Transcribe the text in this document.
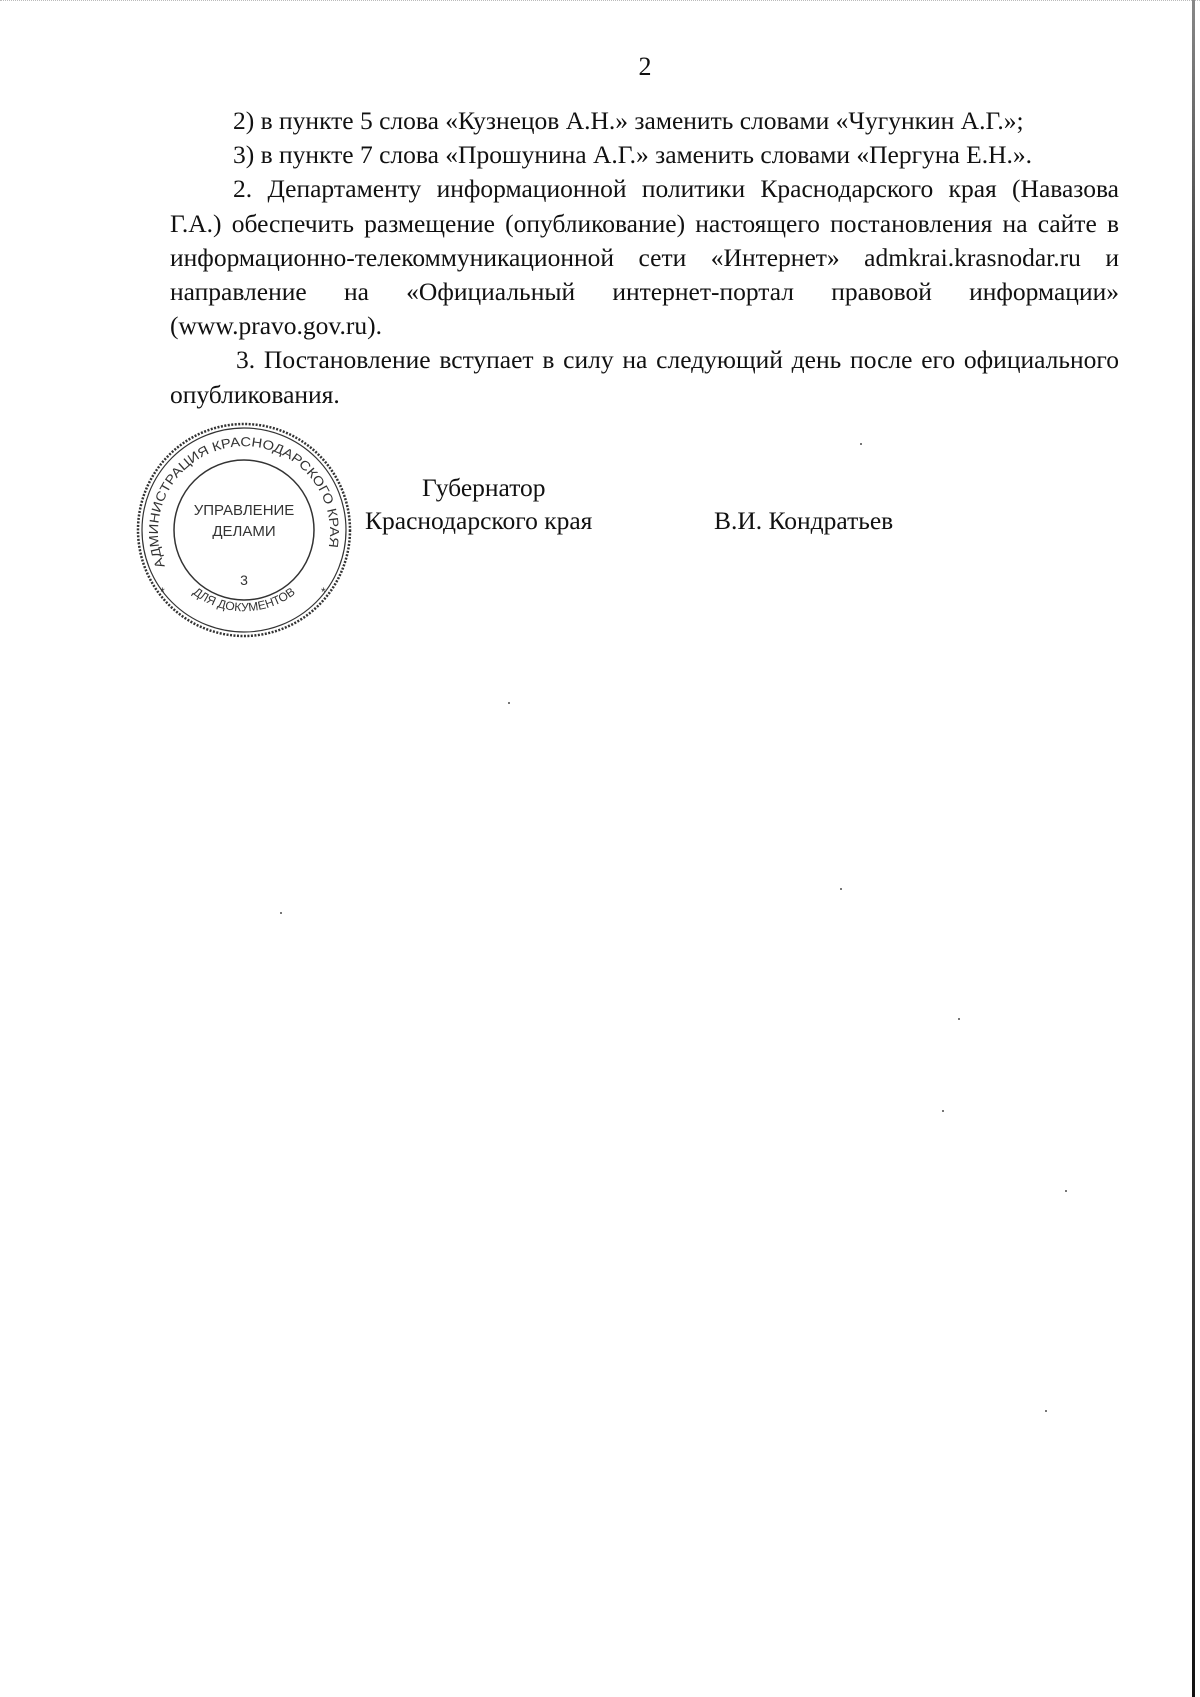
2

2) в пункте 5 слова «Кузнецов А.Н.» заменить словами «Чугункин А.Г.»;

3) в пункте 7 слова «Прошунина А.Г.» заменить словами «Пергуна Е.Н.».

2. Департаменту информационной политики Краснодарского края (Навазова Г.А.) обеспечить размещение (опубликование) настоящего постановления на сайте в информационно-телекоммуникационной сети «Интернет» admkrai.krasnodar.ru и направление на «Официальный интернет-портал правовой информации» (www.pravo.gov.ru).

3. Постановление вступает в силу на следующий день после его официального опубликования.

АДМИНИСТРАЦИЯ КРАСНОДАРСКОГО КРАЯ
ДЛЯ ДОКУМЕНТОВ
УПРАВЛЕНИЕ
ДЕЛАМИ
3
*	*
Губернатор
Краснодарского края	В.И. Кондратьев
